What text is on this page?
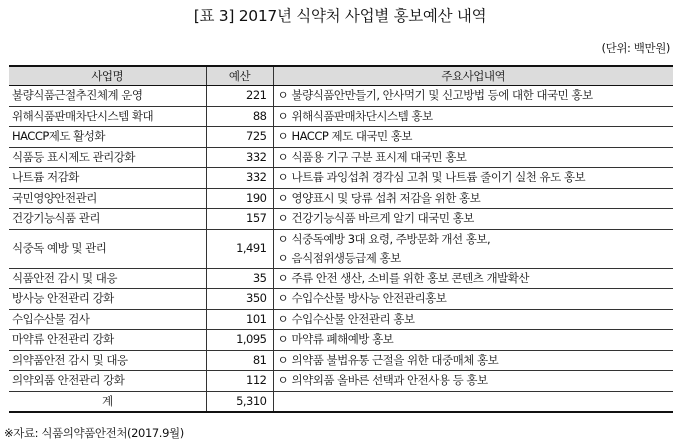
[표 3] 2017년 식약처 사업별 홍보예산 내역
(단위: 백만원)
사업명	예산	주요사업내역
불량식품근절추진체계 운영	221	ㅇ 불량식품안만들기, 안사먹기 및 신고방법 등에 대한 대국민 홍보

위해식품판매차단시스템 확대	88	ㅇ 위해식품판매차단시스템 홍보

HACCP제도 활성화	725	ㅇ HACCP 제도 대국민 홍보

식품등 표시제도 관리강화	332	ㅇ 식품용 기구 구분 표시제 대국민 홍보

나트륨 저감화	332	ㅇ 나트륨 과잉섭취 경각심 고취 및 나트륨 줄이기 실천 유도 홍보

국민영양안전관리	190	ㅇ 영양표시 및 당류 섭취 저감을 위한 홍보

건강기능식품 관리	157	ㅇ 건강기능식품 바르게 알기 대국민 홍보

식중독 예방 및 관리	1,491	ㅇ 식중독예방 3대 요령, 주방문화 개선 홍보,
ㅇ 음식점위생등급제 홍보

식품안전 감시 및 대응	35	ㅇ 주류 안전 생산, 소비를 위한 홍보 콘텐츠 개발확산

방사능 안전관리 강화	350	ㅇ 수입수산물 방사능 안전관리홍보

수입수산물 검사	101	ㅇ 수입수산물 안전관리 홍보

마약류 안전관리 강화	1,095	ㅇ 마약류 폐해예방 홍보

의약품안전 감시 및 대응	81	ㅇ 의약품 불법유통 근절을 위한 대중매체 홍보

의약외품 안전관리 강화	112	ㅇ 의약외품 올바른 선택과 안전사용 등 홍보

계	5,310	
※자료: 식품의약품안전처(2017.9월)
